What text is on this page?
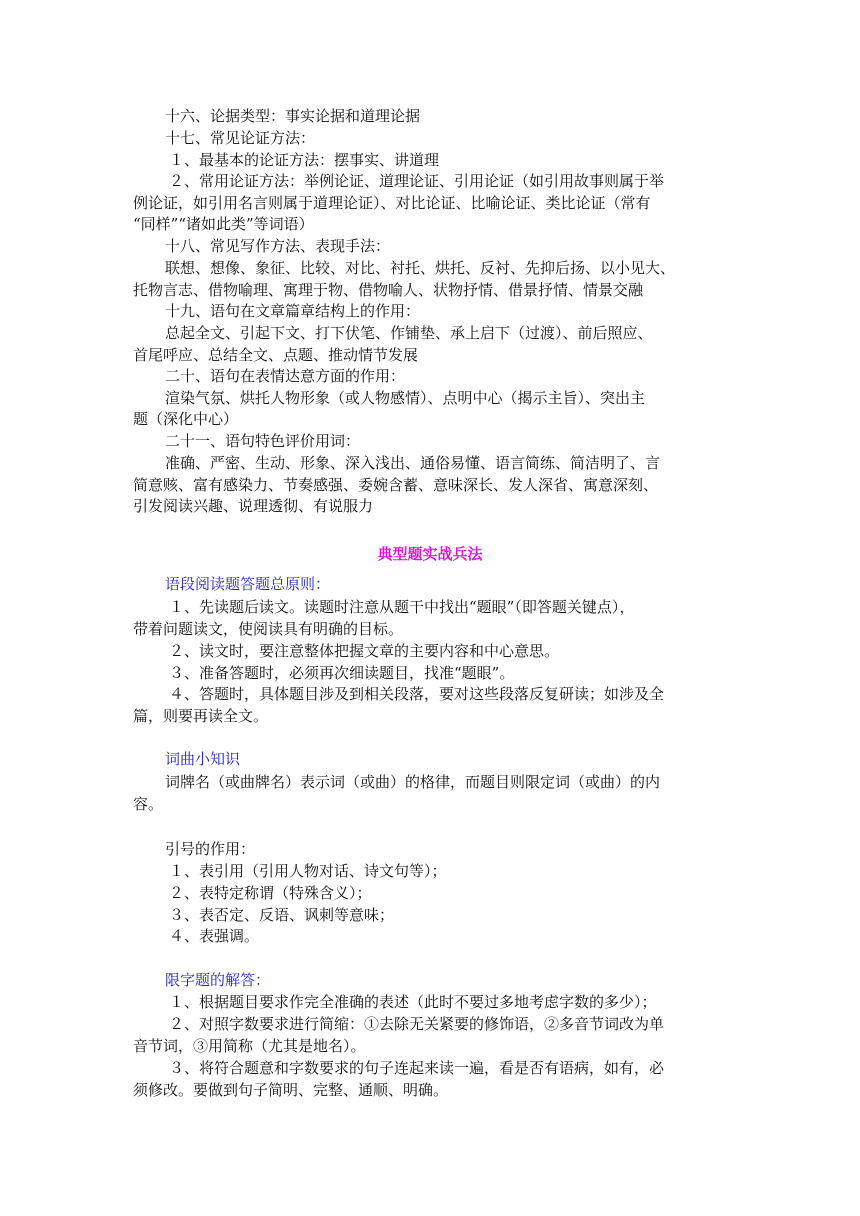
十六、论据类型：事实论据和道理论据
十七、常见论证方法：
１、最基本的论证方法：摆事实、讲道理
２、常用论证方法：举例论证、道理论证、引用论证（如引用故事则属于举
例论证，如引用名言则属于道理论证）、对比论证、比喻论证、类比论证（常有
“同样”“诸如此类”等词语）
十八、常见写作方法、表现手法：
联想、想像、象征、比较、对比、衬托、烘托、反衬、先抑后扬、以小见大、
托物言志、借物喻理、寓理于物、借物喻人、状物抒情、借景抒情、情景交融
十九、语句在文章篇章结构上的作用：
总起全文、引起下文、打下伏笔、作铺垫、承上启下（过渡）、前后照应、
首尾呼应、总结全文、点题、推动情节发展
二十、语句在表情达意方面的作用：
渲染气氛、烘托人物形象（或人物感情）、点明中心（揭示主旨）、突出主
题（深化中心）
二十一、语句特色评价用词：
准确、严密、生动、形象、深入浅出、通俗易懂、语言简练、简洁明了、言
简意赅、富有感染力、节奏感强、委婉含蓄、意味深长、发人深省、寓意深刻、
引发阅读兴趣、说理透彻、有说服力
典型题实战兵法
语段阅读题答题总原则：
１、先读题后读文。读题时注意从题干中找出“题眼”（即答题关键点），
带着问题读文，使阅读具有明确的目标。
２、读文时，要注意整体把握文章的主要内容和中心意思。
３、准备答题时，必须再次细读题目，找准“题眼”。
４、答题时，具体题目涉及到相关段落，要对这些段落反复研读；如涉及全
篇，则要再读全文。
词曲小知识
词牌名（或曲牌名）表示词（或曲）的格律，而题目则限定词（或曲）的内
容。
引号的作用：
１、表引用（引用人物对话、诗文句等）；
２、表特定称谓（特殊含义）；
３、表否定、反语、讽刺等意味；
４、表强调。
限字题的解答：
１、根据题目要求作完全准确的表述（此时不要过多地考虑字数的多少）；
２、对照字数要求进行简缩：①去除无关紧要的修饰语，②多音节词改为单
音节词，③用简称（尤其是地名）。
３、将符合题意和字数要求的句子连起来读一遍，看是否有语病，如有，必
须修改。要做到句子简明、完整、通顺、明确。
